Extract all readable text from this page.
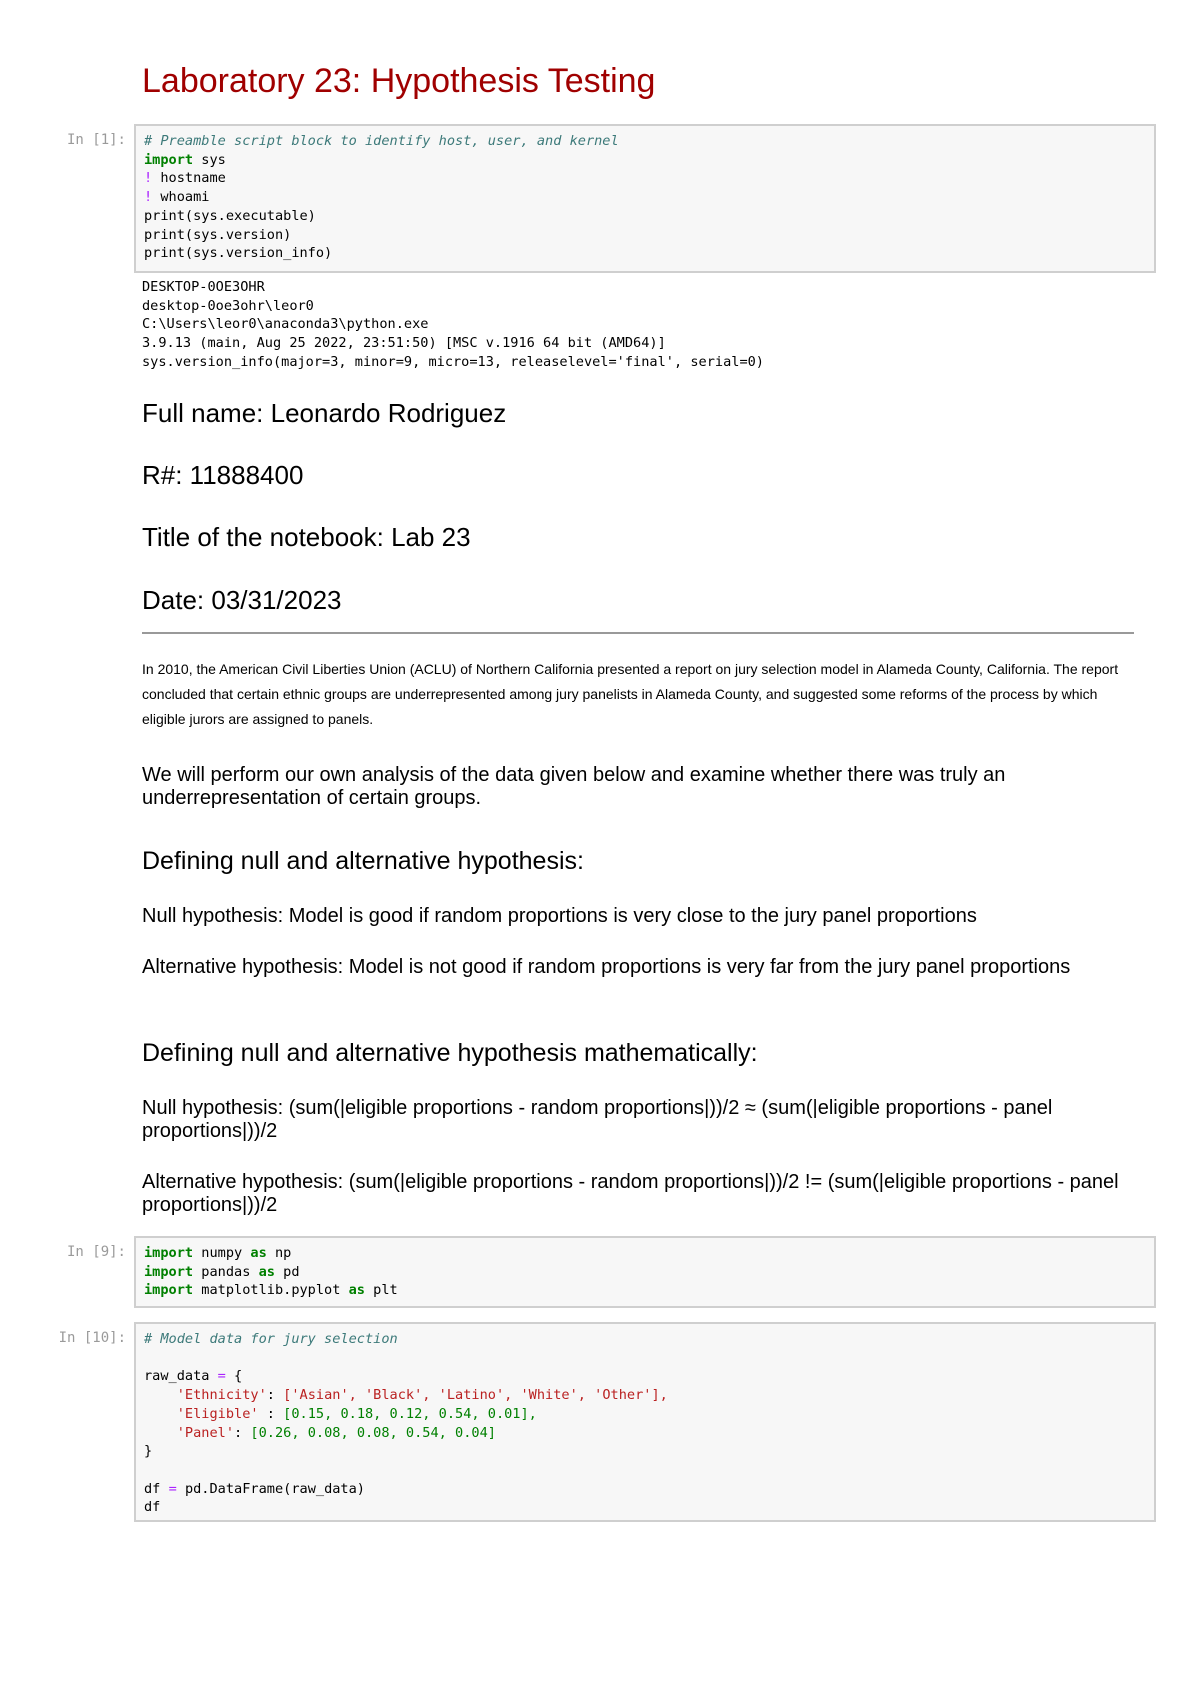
Laboratory 23: Hypothesis Testing
In [1]: # Preamble script block to identify host, user, and kernel
import sys
! hostname
! whoami
print(sys.executable)
print(sys.version)
print(sys.version_info)
DESKTOP-0OE3OHR
desktop-0oe3ohr\leor0
C:\Users\leor0\anaconda3\python.exe
3.9.13 (main, Aug 25 2022, 23:51:50) [MSC v.1916 64 bit (AMD64)]
sys.version_info(major=3, minor=9, micro=13, releaselevel='final', serial=0)
Full name: Leonardo Rodriguez
R#: 11888400
Title of the notebook: Lab 23
Date: 03/31/2023

In 2010, the American Civil Liberties Union (ACLU) of Northern California presented a report on jury selection model in Alameda County, California. The report concluded that certain ethnic groups are underrepresented among jury panelists in Alameda County, and suggested some reforms of the process by which eligible jurors are assigned to panels.

We will perform our own analysis of the data given below and examine whether there was truly an underrepresentation of certain groups.

Defining null and alternative hypothesis:

Null hypothesis: Model is good if random proportions is very close to the jury panel proportions

Alternative hypothesis: Model is not good if random proportions is very far from the jury panel proportions

Defining null and alternative hypothesis mathematically:

Null hypothesis: (sum(|eligible proportions - random proportions|))/2 ≈ (sum(|eligible proportions - panel proportions|))/2

Alternative hypothesis: (sum(|eligible proportions - random proportions|))/2 != (sum(|eligible proportions - panel proportions|))/2

In [9]: import numpy as np
import pandas as pd
import matplotlib.pyplot as plt
In [10]: # Model data for jury selection

raw_data = {
'Ethnicity': ['Asian', 'Black', 'Latino', 'White', 'Other'],
'Eligible' : [0.15, 0.18, 0.12, 0.54, 0.01],
'Panel': [0.26, 0.08, 0.08, 0.54, 0.04]
}

df = pd.DataFrame(raw_data)
df
